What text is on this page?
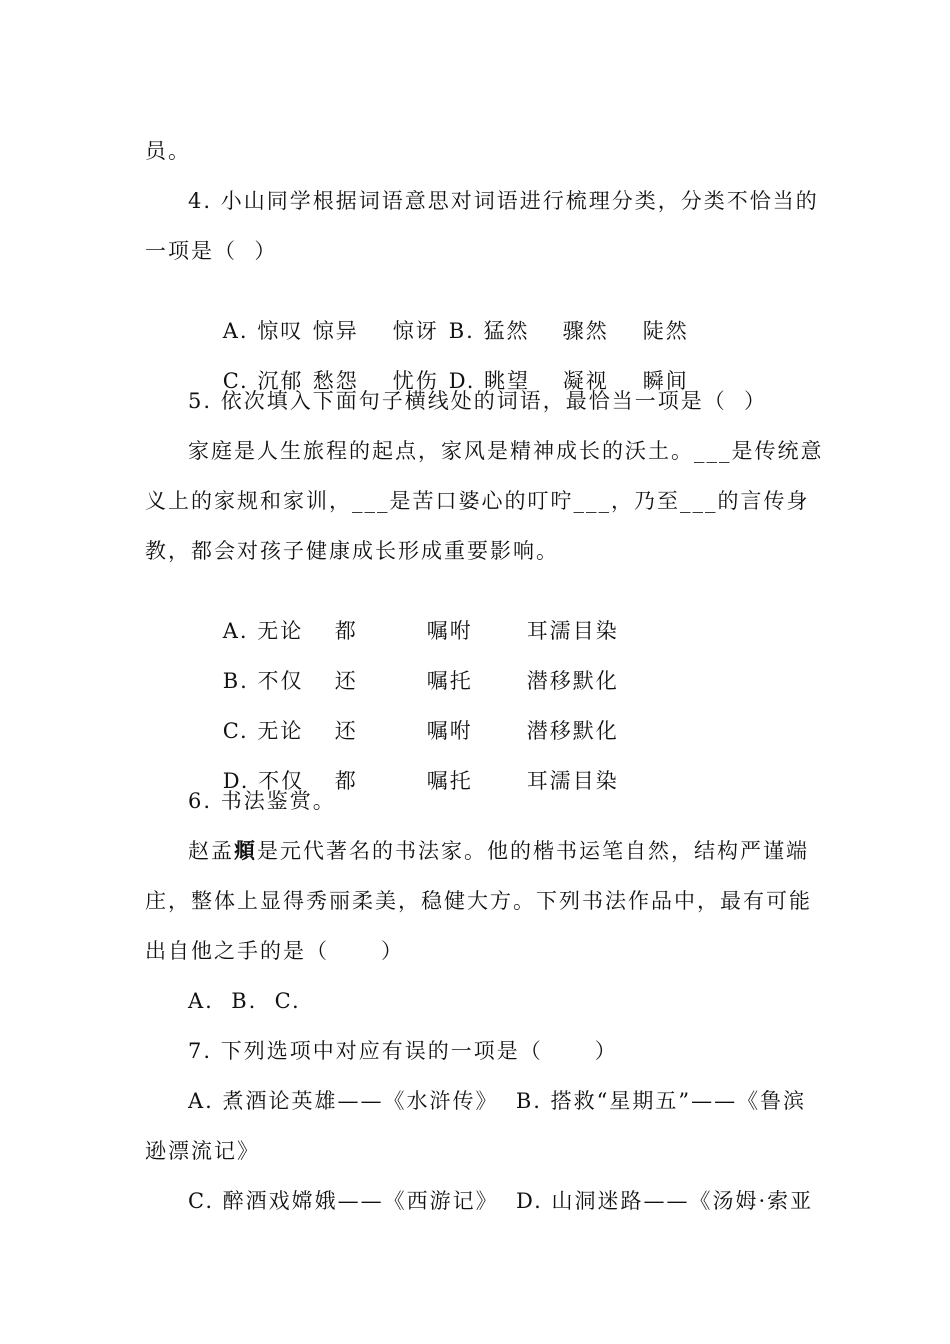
员。
4. 小山同学根据词语意思对词语进行梳理分类，分类不恰当的
一项是（  ）

A. 惊叹 惊异 惊讶 B. 猛然 骤然 陡然

C. 沉郁 愁怨 忧伤 D. 眺望 凝视 瞬间

5. 依次填入下面句子横线处的词语，最恰当一项是（  ）
家庭是人生旅程的起点，家风是精神成长的沃土。___是传统意
义上的家规和家训，___是苦口婆心的叮咛___，乃至___的言传身
教，都会对孩子健康成长形成重要影响。

A. 无论 都	嘱咐	耳濡目染

B. 不仅 还	嘱托	潜移默化

C. 无论 还	嘱咐	潜移默化

D. 不仅 都	嘱托	耳濡目染

6. 书法鉴赏。
赵孟頫是元代著名的书法家。他的楷书运笔自然，结构严谨端
庄，整体上显得秀丽柔美，稳健大方。下列书法作品中，最有可能
出自他之手的是（      ）
A.  B.  C.
7. 下列选项中对应有误的一项是（      ）
A. 煮酒论英雄——《水浒传》  B. 搭救“星期五”——《鲁滨
逊漂流记》
C. 醉酒戏嫦娥——《西游记》  D. 山洞迷路——《汤姆·索亚
